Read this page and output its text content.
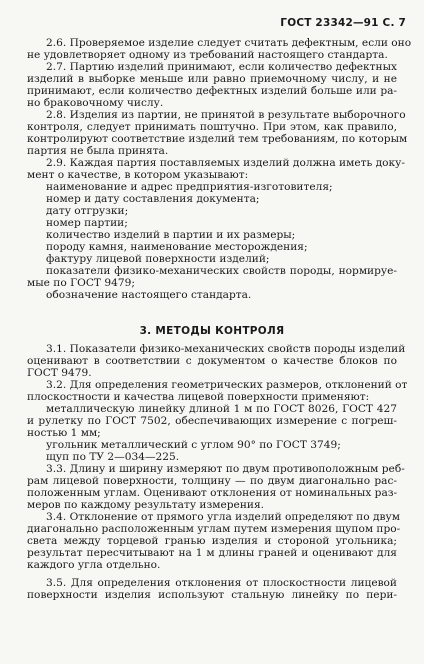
ГОСТ 23342—91 С. 7
3. МЕТОДЫ КОНТРОЛЯ
2.6. Проверяемое изделие следует считать дефектным, если оно
не удовлетворяет одному из требований настоящего стандарта.
2.7. Партию изделий принимают, если количество дефектных
изделий в выборке меньше или равно приемочному числу, и не
принимают, если количество дефектных изделий больше или ра-
но браковочному числу.
2.8. Изделия из партии, не принятой в результате выборочного
контроля, следует принимать поштучно. При этом, как правило,
контролируют соответствие изделий тем требованиям, по которым
партия не была принята.
2.9. Каждая партия поставляемых изделий должна иметь доку-
мент о качестве, в котором указывают:
наименование и адрес предприятия-изготовителя;
номер и дату составления документа;
дату отгрузки;
номер партии;
количество изделий в партии и их размеры;
породу камня, наименование месторождения;
фактуру лицевой поверхности изделий;
показатели физико-механических свойств породы, нормируе-
мые по ГОСТ 9479;
обозначение настоящего стандарта.
3.1. Показатели физико-механических свойств породы изделий
оценивают в соответствии с документом о качестве блоков по
ГОСТ 9479.
3.2. Для определения геометрических размеров, отклонений от
плоскостности и качества лицевой поверхности применяют:
металлическую линейку длиной 1 м по ГОСТ 8026, ГОСТ 427
и рулетку по ГОСТ 7502, обеспечивающих измерение с погреш-
ностью 1 мм;
угольник металлический с углом 90° по ГОСТ 3749;
щуп по ТУ 2—034—225.
3.3. Длину и ширину измеряют по двум противоположным реб-
рам лицевой поверхности, толщину — по двум диагонально рас-
положенным углам. Оценивают отклонения от номинальных раз-
меров по каждому результату измерения.
3.4. Отклонение от прямого угла изделий определяют по двум
диагонально расположенным углам путем измерения щупом про-
света между торцевой гранью изделия и стороной угольника;
результат пересчитывают на 1 м длины граней и оценивают для
каждого угла отдельно.
3.5. Для определения отклонения от плоскостности лицевой
поверхности изделия используют стальную линейку по пери-
